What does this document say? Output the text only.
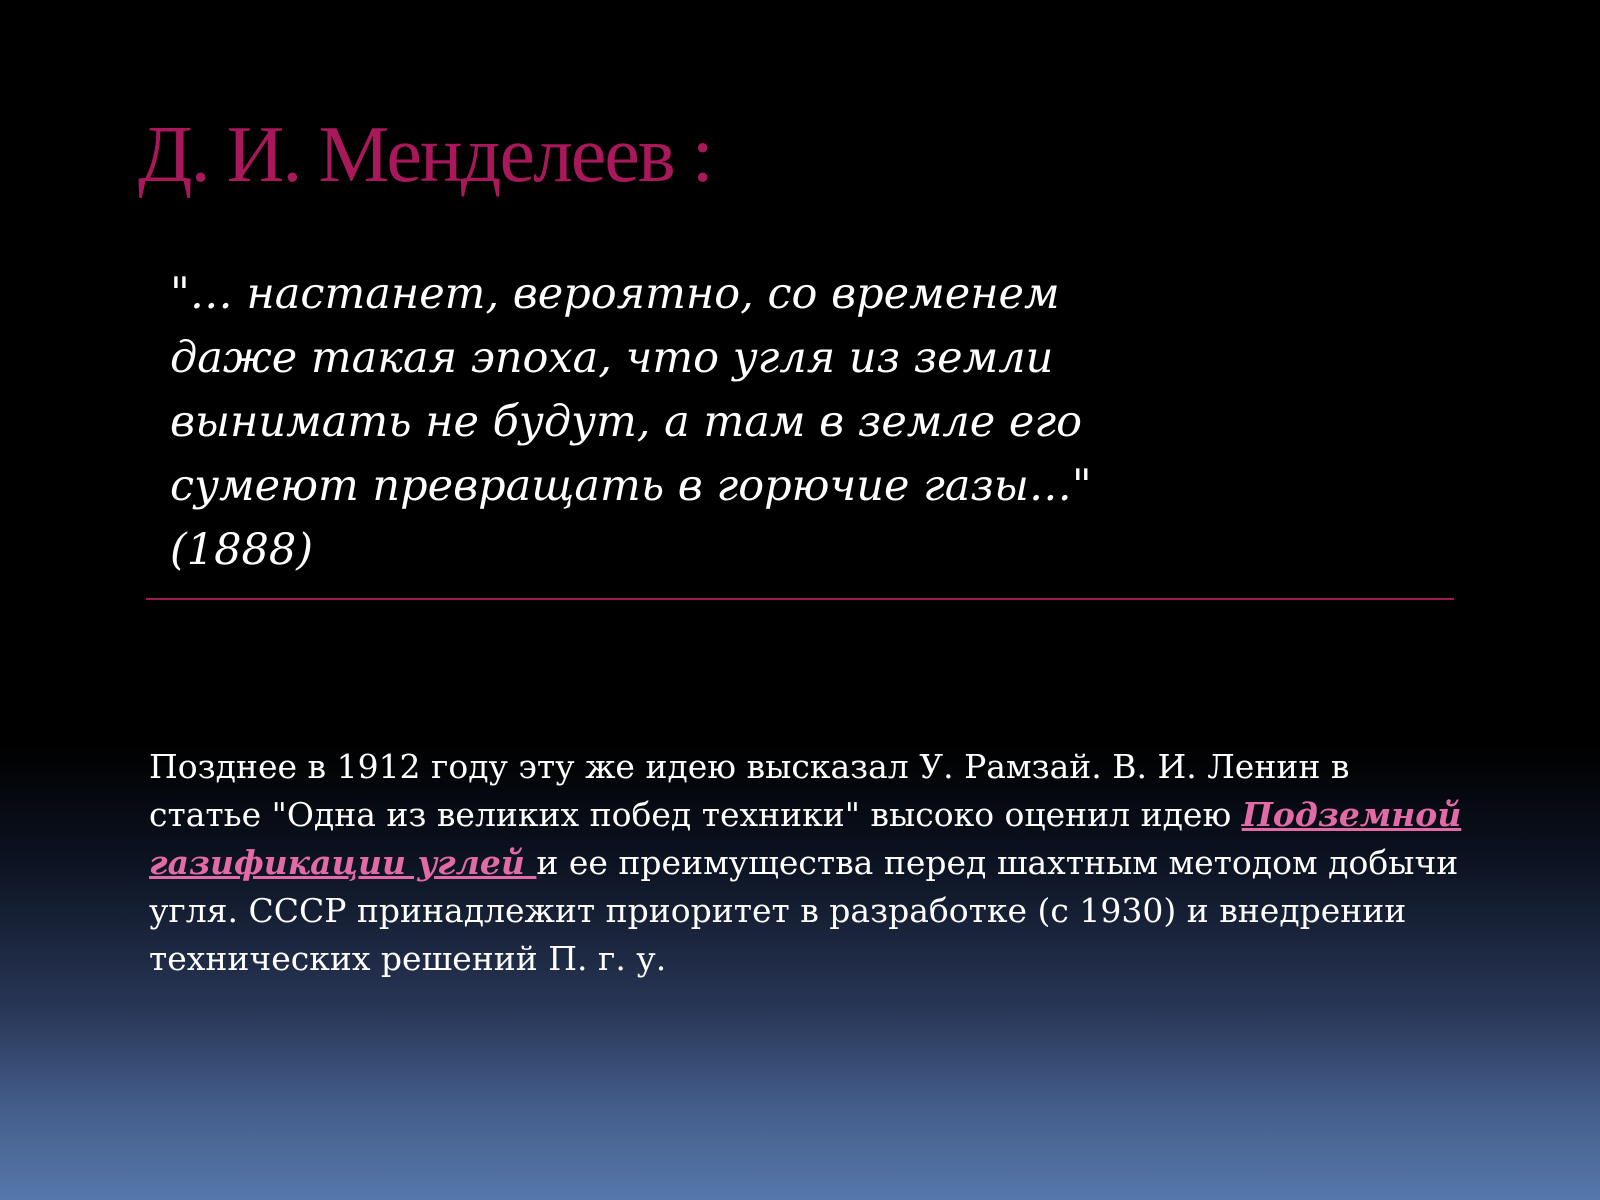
Д. И. Менделеев :
"… настанет, вероятно, со временем
даже такая эпоха, что угля из земли
вынимать не будут, а там в земле его
сумеют превращать в горючие газы…"
(1888)
Позднее в 1912 году эту же идею высказал У. Рамзай. В. И. Ленин в
статье "Одна из великих побед техники" высоко оценил идею Подземной
газификации углей и ее преимущества перед шахтным методом добычи
угля. СССР принадлежит приоритет в разработке (с 1930) и внедрении
технических решений П. г. у.
